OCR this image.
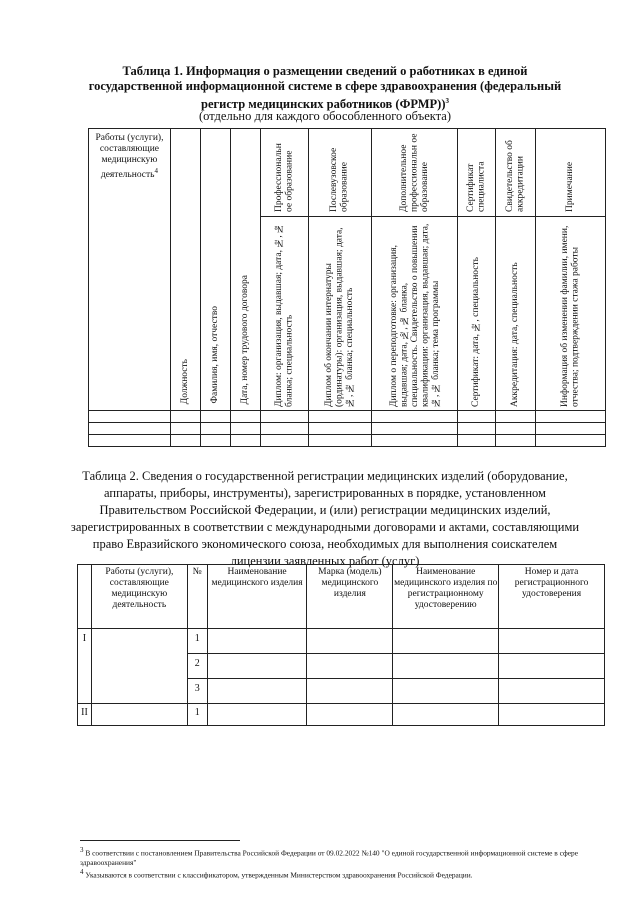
Таблица 1. Информация о размещении сведений о работниках в единой государственной информационной системе в сфере здравоохранения (федеральный регистр медицинских работников (ФРМР))$^3$
(отдельно для каждого обособленного объекта)
Работы (услуги), составляющие медицинскую деятельность$^4$	Должность	Фамилия, имя, отчество	Дата, номер трудового договора	Профессиональн ое образование	Послевузовское образование	Дополнительное профессиональн ое образование	Сертификат специалиста	Свидетельство об аккредитации	Примечание

				Диплом: организация, выдавшая; дата, №, № бланка; специальность	Диплом об окончании интернатуры (ординатуры): организация, выдавшая; дата, №, № бланка; специальность	Диплом о переподготовке: организация, выдавшая; дата, №, № бланка, специальность. Свидетельство о повышении квалификации: организация, выдавшая; дата, №, № бланка; тема программы	Сертификат: дата, №, специальность	Аккредитация: дата, специальность	Информация об изменении фамилии, имени, отчества; подтверждении стажа работы

Таблица 2. Сведения о государственной регистрации медицинских изделий (оборудование, аппараты, приборы, инструменты), зарегистрированных в порядке, установленном Правительством Российской Федерации, и (или) регистрации медицинских изделий, зарегистрированных в соответствии с международными договорами и актами, составляющими право Евразийского экономического союза, необходимых для выполнения соискателем лицензии заявленных работ (услуг)

	Работы (услуги), составляющие медицинскую деятельность	№	Наименование медицинского изделия	Марка (модель) медицинского изделия	Наименование медицинского изделия по регистрационному удостоверению	Номер и дата регистрационного удостоверения

I		1				

		2				

		3				

II		1				

$^3$ В соответствии с постановлением Правительства Российской Федерации от 09.02.2022 №140 "О единой государственной информационной системе в сфере здравоохранения"
$^4$ Указываются в соответствии с классификатором, утвержденным Министерством здравоохранения Российской Федерации.
